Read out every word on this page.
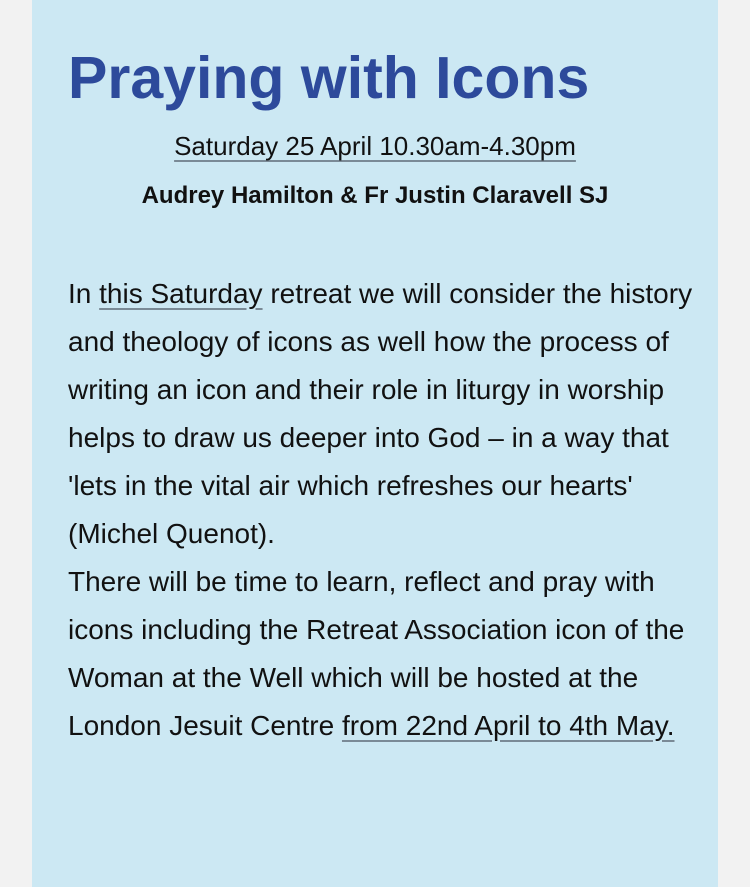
Praying with Icons
Saturday 25 April 10.30am-4.30pm
Audrey Hamilton & Fr Justin Claravell SJ

In this Saturday retreat we will consider the history and theology of icons as well how the process of writing an icon and their role in liturgy in worship helps to draw us deeper into God – in a way that 'lets in the vital air which refreshes our hearts' (Michel Quenot).

There will be time to learn, reflect and pray with icons including the Retreat Association icon of the Woman at the Well which will be hosted at the London Jesuit Centre from 22nd April to 4th May.
